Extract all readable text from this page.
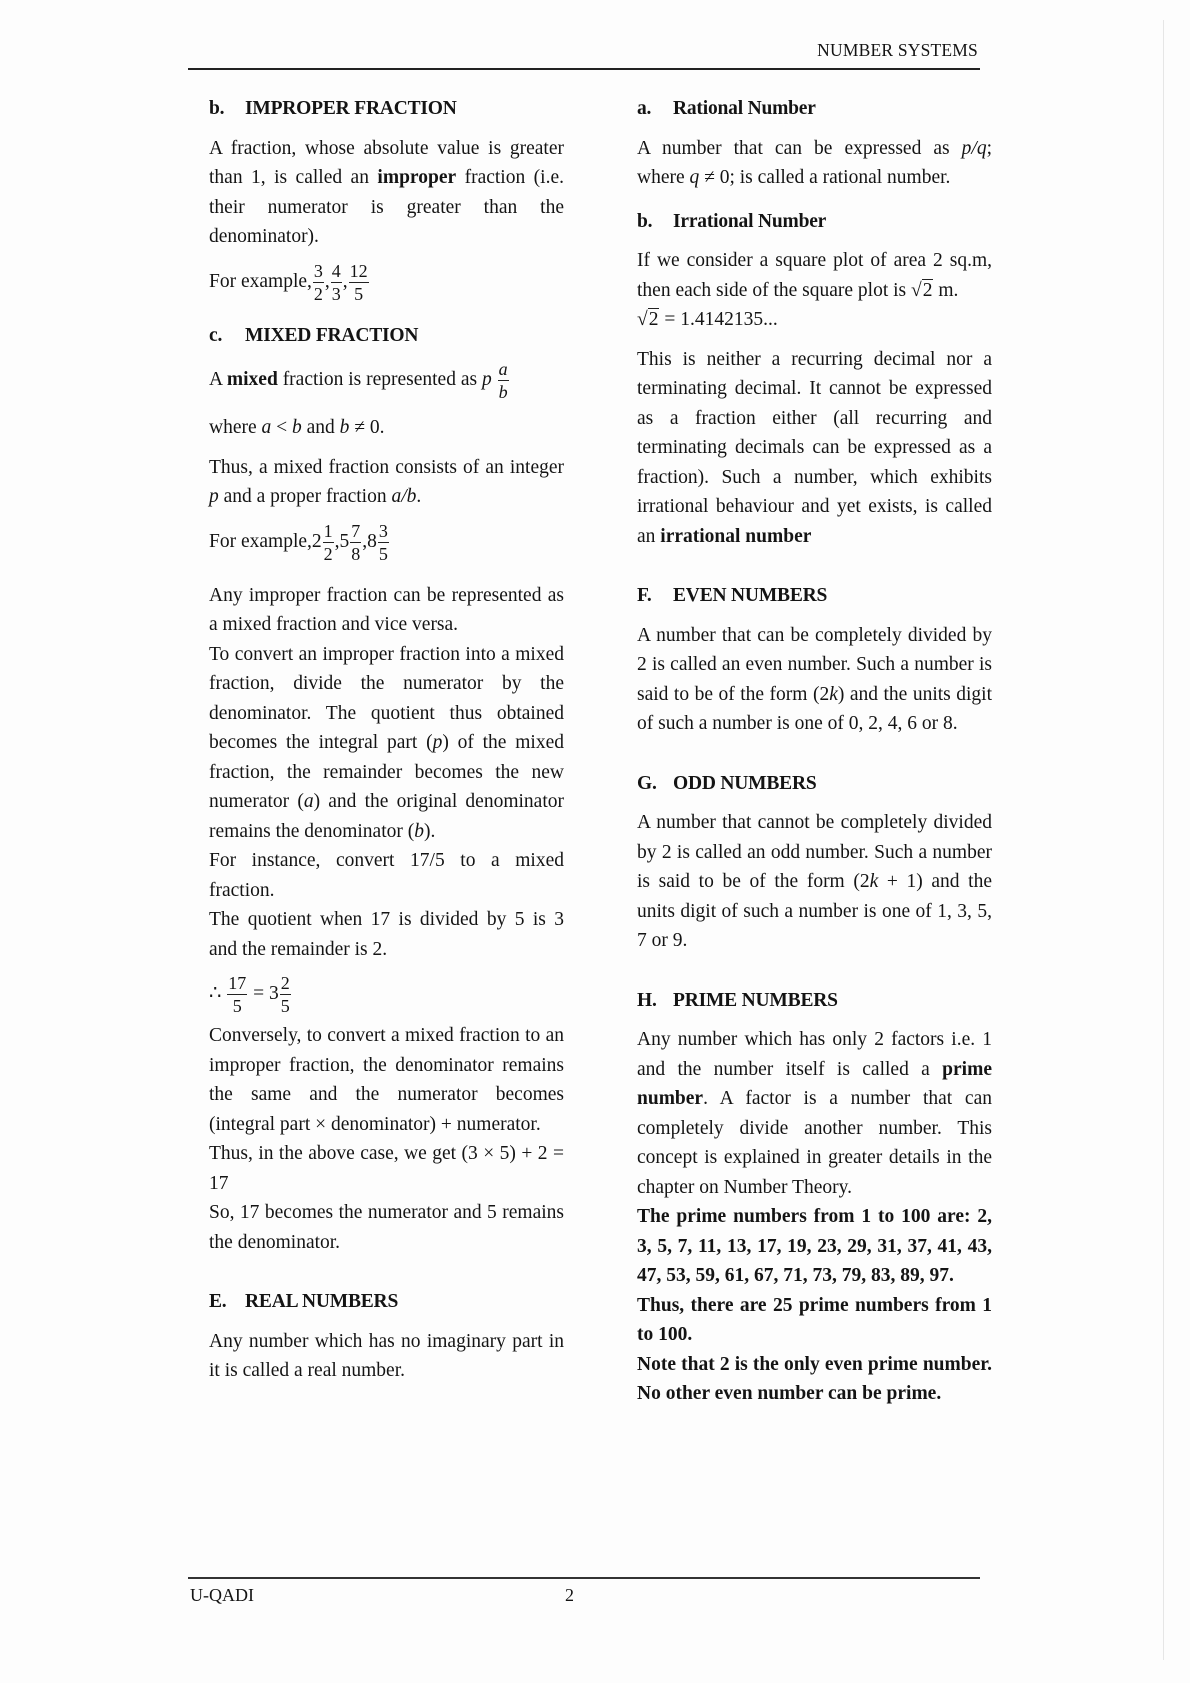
NUMBER SYSTEMS
b. IMPROPER FRACTION

A fraction, whose absolute value is greater than 1, is called an improper fraction (i.e. their numerator is greater than the denominator).

For example, $\frac{3}{2}$ , $\frac{4}{3}$ , $\frac{12}{5}$
c. MIXED FRACTION

A mixed fraction is represented as p $\frac{a}{b}$

where a < b and b ≠ 0.

Thus, a mixed fraction consists of an integer p and a proper fraction a/b.

For example,2 $\frac{1}{2} ,5 \frac{7}{8} ,8 \frac{3}{5}$

Any improper fraction can be represented as a mixed fraction and vice versa.

To convert an improper fraction into a mixed fraction, divide the numerator by the denominator. The quotient thus obtained becomes the integral part (p) of the mixed fraction, the remainder becomes the new numerator (a) and the original denominator remains the denominator (b).

For instance, convert 17/5 to a mixed fraction.

The quotient when 17 is divided by 5 is 3 and the remainder is 2.

∴ $\frac{17}{5} = 3 \frac{2}{5}$

Conversely, to convert a mixed fraction to an improper fraction, the denominator remains the same and the numerator becomes (integral part × denominator) + numerator.

Thus, in the above case, we get (3 × 5) + 2 = 17

So, 17 becomes the numerator and 5 remains the denominator.

E. REAL NUMBERS

Any number which has no imaginary part in it is called a real number.

a. Rational Number

A number that can be expressed as p/q; where q ≠ 0; is called a rational number.

b. Irrational Number

If we consider a square plot of area 2 sq.m, then each side of the square plot is √2 m.

√2 = 1.4142135...

This is neither a recurring decimal nor a terminating decimal. It cannot be expressed as a fraction either (all recurring and terminating decimals can be expressed as a fraction). Such a number, which exhibits irrational behaviour and yet exists, is called an irrational number

F. EVEN NUMBERS

A number that can be completely divided by 2 is called an even number. Such a number is said to be of the form (2k) and the units digit of such a number is one of 0, 2, 4, 6 or 8.

G. ODD NUMBERS

A number that cannot be completely divided by 2 is called an odd number. Such a number is said to be of the form (2k + 1) and the units digit of such a number is one of 1, 3, 5, 7 or 9.

H. PRIME NUMBERS

Any number which has only 2 factors i.e. 1 and the number itself is called a prime number. A factor is a number that can completely divide another number. This concept is explained in greater details in the chapter on Number Theory.

The prime numbers from 1 to 100 are: 2, 3, 5, 7, 11, 13, 17, 19, 23, 29, 31, 37, 41, 43, 47, 53, 59, 61, 67, 71, 73, 79, 83, 89, 97.

Thus, there are 25 prime numbers from 1 to 100.

Note that 2 is the only even prime number. No other even number can be prime.

U-QADI	2
